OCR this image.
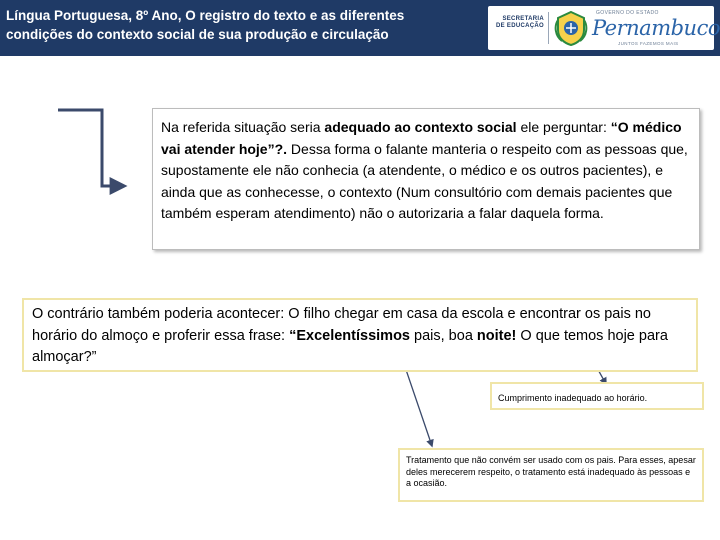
Língua Portuguesa, 8º Ano, O registro do texto e as diferentes
condições do contexto social de sua produção e circulação
SECRETARIA
DE EDUCAÇÃO
GOVERNO DO ESTADO
Pernambuco
JUNTOS FAZEMOS MAIS
Na referida situação seria adequado ao contexto social ele perguntar: “O médico vai atender hoje”?. Dessa forma o falante manteria o respeito com as pessoas que, supostamente ele não conhecia (a atendente, o médico e os outros pacientes), e ainda que as conhecesse, o contexto (Num consultório com demais pacientes que também esperam atendimento) não o autorizaria a falar daquela forma.
O contrário também poderia acontecer: O filho chegar em casa da escola e encontrar os pais no horário do almoço e proferir essa frase: “Excelentíssimos pais, boa noite! O que temos hoje para almoçar?”
Cumprimento inadequado ao horário.
Tratamento que não convém ser usado com os pais. Para esses, apesar deles merecerem respeito, o tratamento está inadequado às pessoas e a ocasião.
